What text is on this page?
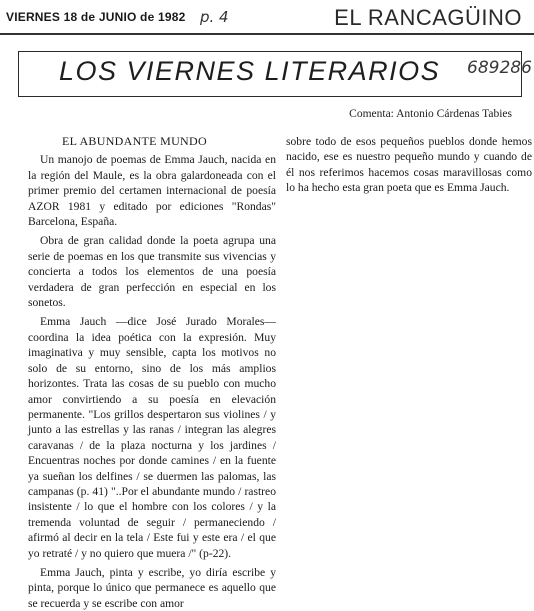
VIERNES 18 de JUNIO de 1982 p. 4	EL RANCAGÜINO
LOS VIERNES LITERARIOS 689286
Comenta: Antonio Cárdenas Tabies
EL ABUNDANTE MUNDO

Un manojo de poemas de Emma Jauch, nacida en la región del Maule, es la obra galardoneada con el primer premio del certamen internacional de poesía AZOR 1981 y editado por ediciones "Rondas" Barcelona, España.

Obra de gran calidad donde la poeta agrupa una serie de poemas en los que transmite sus vivencias y concierta a todos los elementos de una poesía verdadera de gran perfección en especial en los sonetos.

Emma Jauch —dice José Jurado Morales— coordina la idea poética con la expresión. Muy imaginativa y muy sensible, capta los motivos no solo de su entorno, sino de los más amplios horizontes. Trata las cosas de su pueblo con mucho amor convirtiendo a su poesía en elevación permanente. "Los grillos despertaron sus violines / y junto a las estrellas y las ranas / integran las alegres caravanas / de la plaza nocturna y los jardines / Encuentras noches por donde camines / en la fuente ya sueñan los delfines / se duermen las palomas, las campanas (p. 41) "..Por el abundante mundo / rastreo insistente / lo que el hombre con los colores / y la tremenda voluntad de seguir / permaneciendo / afirmó al decir en la tela / Este fui y este era / el que yo retraté / y no quiero que muera /" (p-22).

Emma Jauch, pinta y escribe, yo diría escribe y pinta, porque lo único que permanece es aquello que se recuerda y se escribe con amor

sobre todo de esos pequeños pueblos donde hemos nacido, ese es nuestro pequeño mundo y cuando de él nos referimos hacemos cosas maravillosas como lo ha hecho esta gran poeta que es Emma Jauch.
